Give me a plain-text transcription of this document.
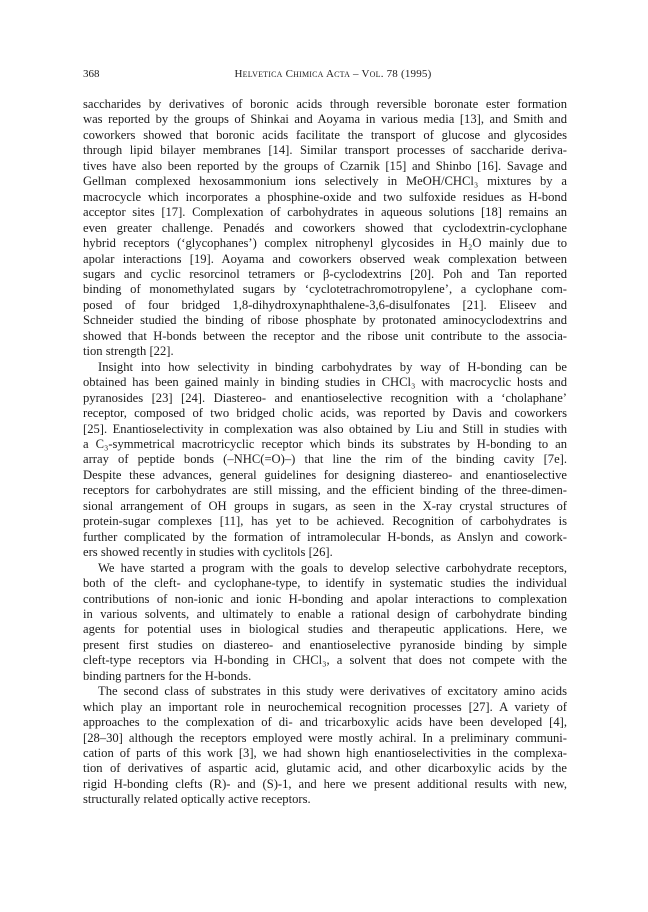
368	Helvetica Chimica Acta – Vol. 78 (1995)

saccharides by derivatives of boronic acids through reversible boronate ester formation
was reported by the groups of Shinkai and Aoyama in various media [13], and Smith and
coworkers showed that boronic acids facilitate the transport of glucose and glycosides
through lipid bilayer membranes [14]. Similar transport processes of saccharide deriva-
tives have also been reported by the groups of Czarnik [15] and Shinbo [16]. Savage and
Gellman complexed hexosammonium ions selectively in MeOH/CHCl₃ mixtures by a
macrocycle which incorporates a phosphine-oxide and two sulfoxide residues as H-bond
acceptor sites [17]. Complexation of carbohydrates in aqueous solutions [18] remains an
even greater challenge. Penadés and coworkers showed that cyclodextrin-cyclophane
hybrid receptors (‘glycophanes’) complex nitrophenyl glycosides in H₂O mainly due to
apolar interactions [19]. Aoyama and coworkers observed weak complexation between
sugars and cyclic resorcinol tetramers or β-cyclodextrins [20]. Poh and Tan reported
binding of monomethylated sugars by ‘cyclotetrachromotropylene’, a cyclophane com-
posed of four bridged 1,8-dihydroxynaphthalene-3,6-disulfonates [21]. Eliseev and
Schneider studied the binding of ribose phosphate by protonated aminocyclodextrins and
showed that H-bonds between the receptor and the ribose unit contribute to the associa-
tion strength [22].

Insight into how selectivity in binding carbohydrates by way of H-bonding can be
obtained has been gained mainly in binding studies in CHCl₃ with macrocyclic hosts and
pyranosides [23] [24]. Diastereo- and enantioselective recognition with a ‘cholaphane’
receptor, composed of two bridged cholic acids, was reported by Davis and coworkers
[25]. Enantioselectivity in complexation was also obtained by Liu and Still in studies with
a C₃-symmetrical macrotricyclic receptor which binds its substrates by H-bonding to an
array of peptide bonds (–NHC(=O)–) that line the rim of the binding cavity [7e].
Despite these advances, general guidelines for designing diastereo- and enantioselective
receptors for carbohydrates are still missing, and the efficient binding of the three-dimen-
sional arrangement of OH groups in sugars, as seen in the X-ray crystal structures of
protein-sugar complexes [11], has yet to be achieved. Recognition of carbohydrates is
further complicated by the formation of intramolecular H-bonds, as Anslyn and cowork-
ers showed recently in studies with cyclitols [26].

We have started a program with the goals to develop selective carbohydrate receptors,
both of the cleft- and cyclophane-type, to identify in systematic studies the individual
contributions of non-ionic and ionic H-bonding and apolar interactions to complexation
in various solvents, and ultimately to enable a rational design of carbohydrate binding
agents for potential uses in biological studies and therapeutic applications. Here, we
present first studies on diastereo- and enantioselective pyranoside binding by simple
cleft-type receptors via H-bonding in CHCl₃, a solvent that does not compete with the
binding partners for the H-bonds.

The second class of substrates in this study were derivatives of excitatory amino acids
which play an important role in neurochemical recognition processes [27]. A variety of
approaches to the complexation of di- and tricarboxylic acids have been developed [4],
[28–30] although the receptors employed were mostly achiral. In a preliminary communi-
cation of parts of this work [3], we had shown high enantioselectivities in the complexa-
tion of derivatives of aspartic acid, glutamic acid, and other dicarboxylic acids by the
rigid H-bonding clefts (R)- and (S)-1, and here we present additional results with new,
structurally related optically active receptors.
